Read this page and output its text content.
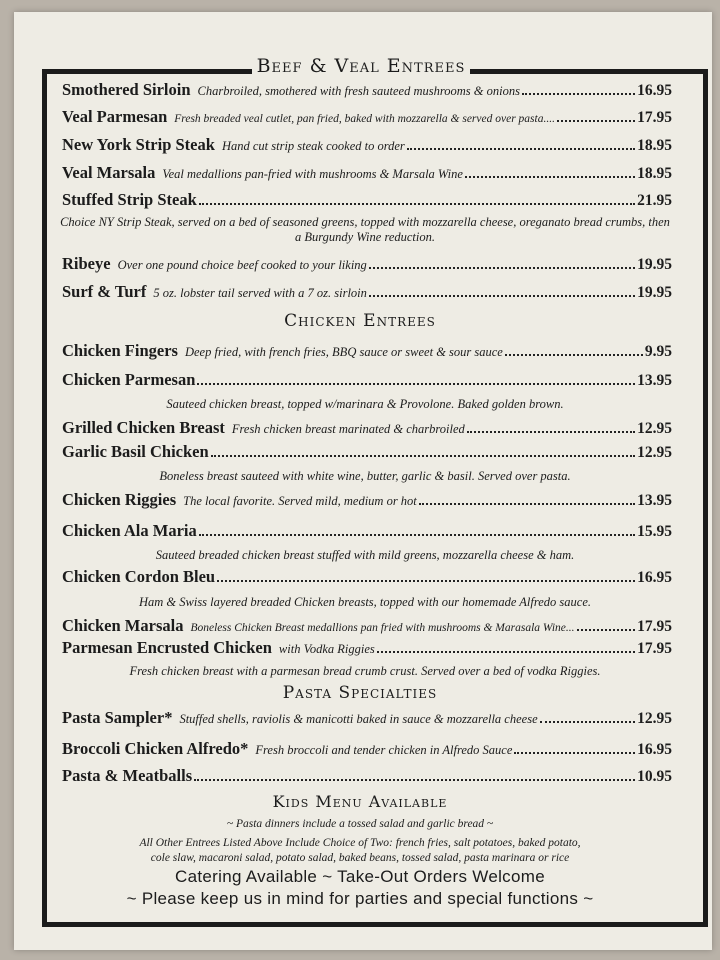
Beef & Veal Entrees
Smothered Sirloin Charbroiled, smothered with fresh sauteed mushrooms & onions	16.95
Veal Parmesan Fresh breaded veal cutlet, pan fried, baked with mozzarella & served over pasta....	17.95
New York Strip Steak Hand cut strip steak cooked to order	18.95
Veal Marsala Veal medallions pan-fried with mushrooms & Marsala Wine	18.95
Stuffed Strip Steak	21.95
Choice NY Strip Steak, served on a bed of seasoned greens, topped with mozzarella cheese, oreganato bread crumbs, then a Burgundy Wine reduction.
Ribeye Over one pound choice beef cooked to your liking	19.95
Surf & Turf 5 oz. lobster tail served with a 7 oz. sirloin	19.95
Chicken Entrees
Chicken Fingers Deep fried, with french fries, BBQ sauce or sweet & sour sauce	9.95
Chicken Parmesan	13.95
Sauteed chicken breast, topped w/marinara & Provolone. Baked golden brown.
Grilled Chicken Breast Fresh chicken breast marinated & charbroiled	12.95
Garlic Basil Chicken	12.95
Boneless breast sauteed with white wine, butter, garlic & basil. Served over pasta.
Chicken Riggies The local favorite. Served mild, medium or hot	13.95
Chicken Ala Maria	15.95
Sauteed breaded chicken breast stuffed with mild greens, mozzarella cheese & ham.
Chicken Cordon Bleu	16.95
Ham & Swiss layered breaded Chicken breasts, topped with our homemade Alfredo sauce.
Chicken Marsala Boneless Chicken Breast medallions pan fried with mushrooms & Marasala Wine...	17.95
Parmesan Encrusted Chicken with Vodka Riggies	17.95
Fresh chicken breast with a parmesan bread crumb crust. Served over a bed of vodka Riggies.
Pasta Specialties
Pasta Sampler* Stuffed shells, raviolis & manicotti baked in sauce & mozzarella cheese	12.95
Broccoli Chicken Alfredo* Fresh broccoli and tender chicken in Alfredo Sauce	16.95
Pasta & Meatballs	10.95
Kids Menu Available
~ Pasta dinners include a tossed salad and garlic bread ~
All Other Entrees Listed Above Include Choice of Two: french fries, salt potatoes, baked potato,
cole slaw, macaroni salad, potato salad, baked beans, tossed salad, pasta marinara or rice
Catering Available ~ Take-Out Orders Welcome
~ Please keep us in mind for parties and special functions ~
